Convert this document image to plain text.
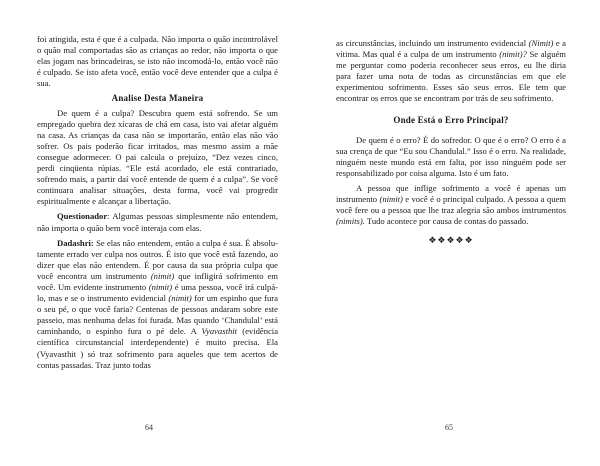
foi atingida, esta é que é a culpada. Não importa o quão incontrolável o quão mal comportadas são as crianças ao redor, não importa o que elas jogam nas brincadeiras, se isto não incomodá-lo, então você não é culpado. Se isto afeta você, então você deve entender que a culpa é sua.

Analise Desta Maneira

De quem é a culpa? Descubra quem está sofrendo. Se um empregado quebra dez xícaras de chá em casa, isto vai afetar alguém na casa. As crianças da casa não se importarão, então elas não vão sofrer. Os pais poderão ficar irritados, mas mesmo assim a mãe consegue adormecer. O pai calcula o prejuízo, “Dez vezes cinco, perdi cinqüenta rúpias. “Ele está acordado, ele está contrariado, sofrendo mais, a partir daí você entende de quem é a culpa”. Se você continuara analisar situações, desta forma, você vai progredir espiritualmente e alcançar a libertação.

Questionador: Algumas pessoas simplesmente não entendem, não importa o quão bem você interaja com elas.

Dadashri: Se elas não entendem, então a culpa é sua. É absolu- tamente errado ver culpa nos outros. É isto que você está fazendo, ao dizer que elas não entendem. É por causa da sua própria culpa que você encontra um instrumento (nimit) que infligirá sofrimento em você. Um evidente instrumento (nimit) é uma pessoa, você irá culpá-lo, mas e se o instrumento evidencial (nimit) for um espinho que fura o seu pé, o que você faria? Centenas de pessoas andaram sobre este passeio, mas nenhuma delas foi furada. Mas quando ‘Chandulal’ está caminhando, o espinho fura o pé dele. A Vyavasthit (evidência científica circunstancial interdependente) é muito precisa. Ela (Vyavasthit ) só traz sofrimento para aqueles que tem acertos de contas passadas. Traz junto todas

64

as circunstâncias, incluindo um instrumento evidencial (Nimit) e a vítima. Mas qual é a culpa de um instrumento (nimit)? Se alguém me perguntar como poderia reconhecer seus erros, eu lhe diria para fazer uma nota de todas as circunstâncias em que ele experimentou sofrimento. Esses são seus erros. Ele tem que encontrar os erros que se encontram por trás de seu sofrimento.

Onde Está o Erro Principal?

De quem é o erro? É do sofredor. O que é o erro? O erro é a sua crença de que “Eu sou Chandulal.” Isso é o erro. Na realidade, ninguém neste mundo está em falta, por isso ninguém pode ser responsabilizado por coisa alguma. Isto é um fato.

A pessoa que inflige sofrimento a você é apenas um instrumento (nimit) e você é o principal culpado. A pessoa a quem você fere ou a pessoa que lhe traz alegria são ambos instrumentos (nimits). Tudo acontece por causa de contas do passado.

❖❖❖❖❖
65
